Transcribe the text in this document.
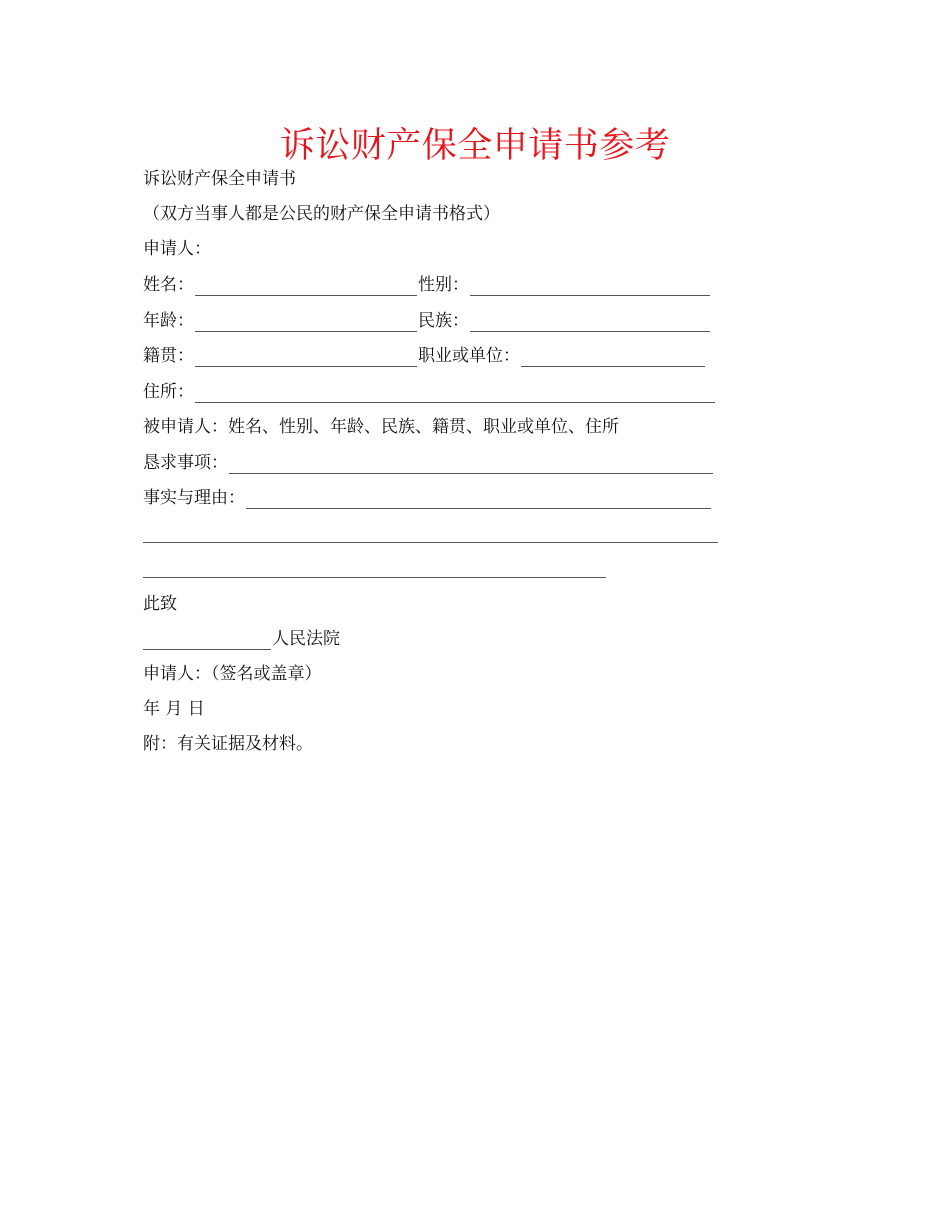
诉讼财产保全申请书参考
诉讼财产保全申请书
（双方当事人都是公民的财产保全申请书格式）
申请人：
姓名：	性别：
年龄：	民族：
籍贯：	职业或单位：
住所：
被申请人：姓名、性别、年龄、民族、籍贯、职业或单位、住所
恳求事项：
事实与理由：
此致
人民法院
申请人：（签名或盖章）
年 月 日
附：有关证据及材料。
